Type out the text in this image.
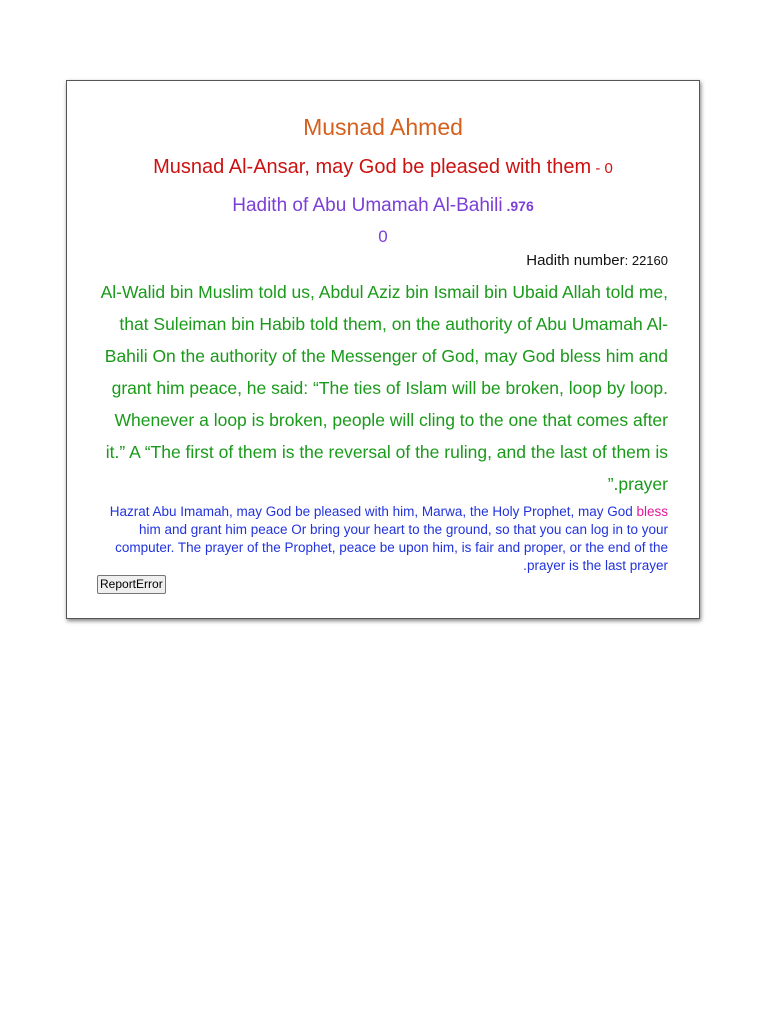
Musnad Ahmed
Musnad Al-Ansar, may God be pleased with them - 0
Hadith of Abu Umamah Al-Bahili .976
0
Hadith number: 22160
Al-Walid bin Muslim told us, Abdul Aziz bin Ismail bin Ubaid Allah told me, that Suleiman bin Habib told them, on the authority of Abu Umamah Al-Bahili On the authority of the Messenger of God, may God bless him and grant him peace, he said: “The ties of Islam will be broken, loop by loop. Whenever a loop is broken, people will cling to the one that comes after it.” A “The first of them is the reversal of the ruling, and the last of them is prayer.”
Hazrat Abu Imamah, may God be pleased with him, Marwa, the Holy Prophet, may God bless him and grant him peace Or bring your heart to the ground, so that you can log in to your computer. The prayer of the Prophet, peace be upon him, is fair and proper, or the end of the prayer is the last prayer.
ReportError
